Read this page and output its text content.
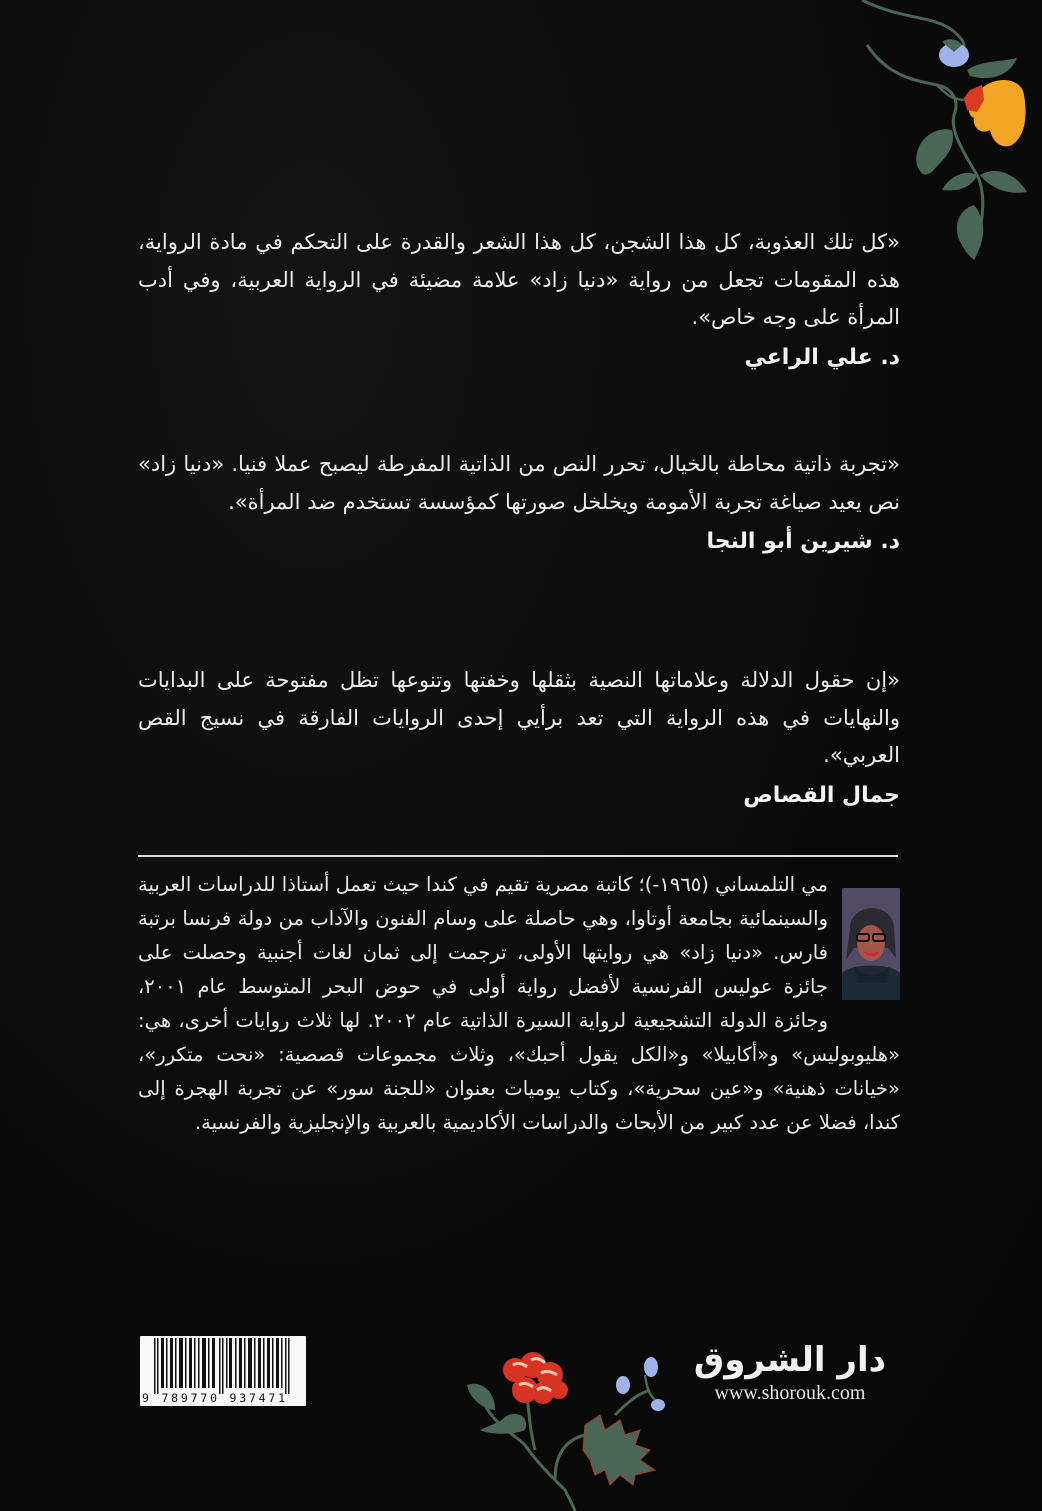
«كل تلك العذوبة، كل هذا الشجن، كل هذا الشعر والقدرة على التحكم في مادة الرواية، هذه المقومات تجعل من رواية «دنيا زاد» علامة مضيئة في الرواية العربية، وفي أدب المرأة على وجه خاص».

د. علي الراعي

«تجربة ذاتية محاطة بالخيال، تحرر النص من الذاتية المفرطة ليصبح عملا فنيا. «دنيا زاد» نص يعيد صياغة تجربة الأمومة ويخلخل صورتها كمؤسسة تستخدم ضد المرأة».

د. شيرين أبو النجا

«إن حقول الدلالة وعلاماتها النصية بثقلها وخفتها وتنوعها تظل مفتوحة على البدايات والنهايات في هذه الرواية التي تعد برأيي إحدى الروايات الفارقة في نسيج القص العربي».

جمال القصاص

مي التلمساني (١٩٦٥-)؛ كاتبة مصرية تقيم في كندا حيث تعمل أستاذا للدراسات العربية والسينمائية بجامعة أوتاوا، وهي حاصلة على وسام الفنون والآداب من دولة فرنسا برتبة فارس. «دنيا زاد» هي روايتها الأولى، ترجمت إلى ثمان لغات أجنبية وحصلت على جائزة عوليس الفرنسية لأفضل رواية أولى في حوض البحر المتوسط عام ٢٠٠١، وجائزة الدولة التشجيعية لرواية السيرة الذاتية عام ٢٠٠٢. لها ثلاث روايات أخرى، هي: «هليوبوليس» و«أكابيلا» و«الكل يقول أحبك»، وثلاث مجموعات قصصية: «نحت متكرر»، «خيانات ذهنية» و«عين سحرية»، وكتاب يوميات بعنوان «للجنة سور» عن تجربة الهجرة إلى كندا، فضلا عن عدد كبير من الأبحاث والدراسات الأكاديمية بالعربية والإنجليزية والفرنسية.

9 789770 937471
دار الشروق
www.shorouk.com
